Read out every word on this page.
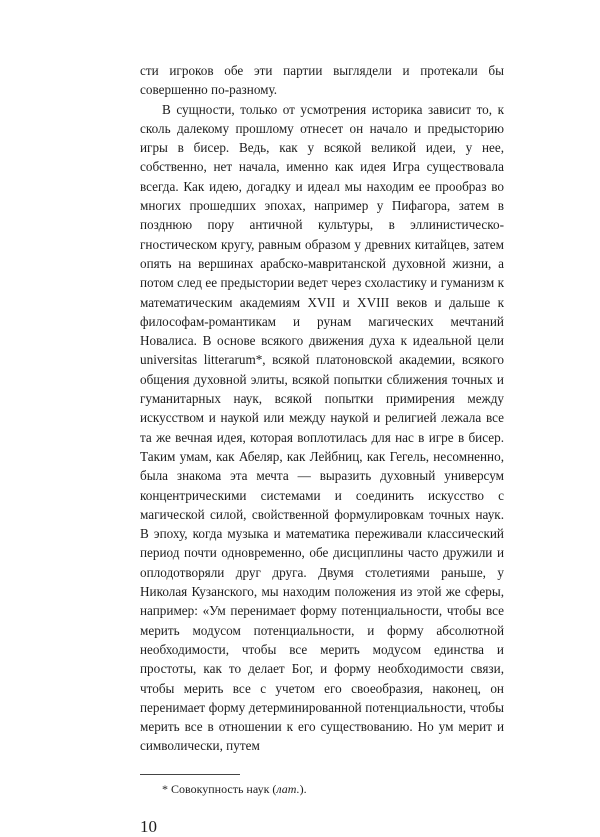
сти игроков обе эти партии выглядели и протекали бы совершенно по-разному.

В сущности, только от усмотрения историка зависит то, к сколь далекому прошлому отнесет он начало и предысторию игры в бисер. Ведь, как у всякой великой идеи, у нее, собственно, нет начала, именно как идея Игра существовала всегда. Как идею, догадку и идеал мы находим ее прообраз во многих прошедших эпохах, например у Пифагора, затем в позднюю пору античной культуры, в эллинистическо-гностическом кругу, равным образом у древних китайцев, затем опять на вершинах арабско-мавританской духовной жизни, а потом след ее предыстории ведет через схоластику и гуманизм к математическим академиям XVII и XVIII веков и дальше к философам-романтикам и рунам магических мечтаний Новалиса. В основе всякого движения духа к идеальной цели universitas litterarum*, всякой платоновской академии, всякого общения духовной элиты, всякой попытки сближения точных и гуманитарных наук, всякой попытки примирения между искусством и наукой или между наукой и религией лежала все та же вечная идея, которая воплотилась для нас в игре в бисер. Таким умам, как Абеляр, как Лейбниц, как Гегель, несомненно, была знакома эта мечта — выразить духовный универсум концентрическими системами и соединить искусство с магической силой, свойственной формулировкам точных наук. В эпоху, когда музыка и математика переживали классический период почти одновременно, обе дисциплины часто дружили и оплодотворяли друг друга. Двумя столетиями раньше, у Николая Кузанского, мы находим положения из этой же сферы, например: «Ум перенимает форму потенциальности, чтобы все мерить модусом потенциальности, и форму абсолютной необходимости, чтобы все мерить модусом единства и простоты, как то делает Бог, и форму необходимости связи, чтобы мерить все с учетом его своеобразия, наконец, он перенимает форму детерминированной потенциальности, чтобы мерить все в отношении к его существованию. Но ум мерит и символически, путем

* Совокупность наук (лат.).

10
